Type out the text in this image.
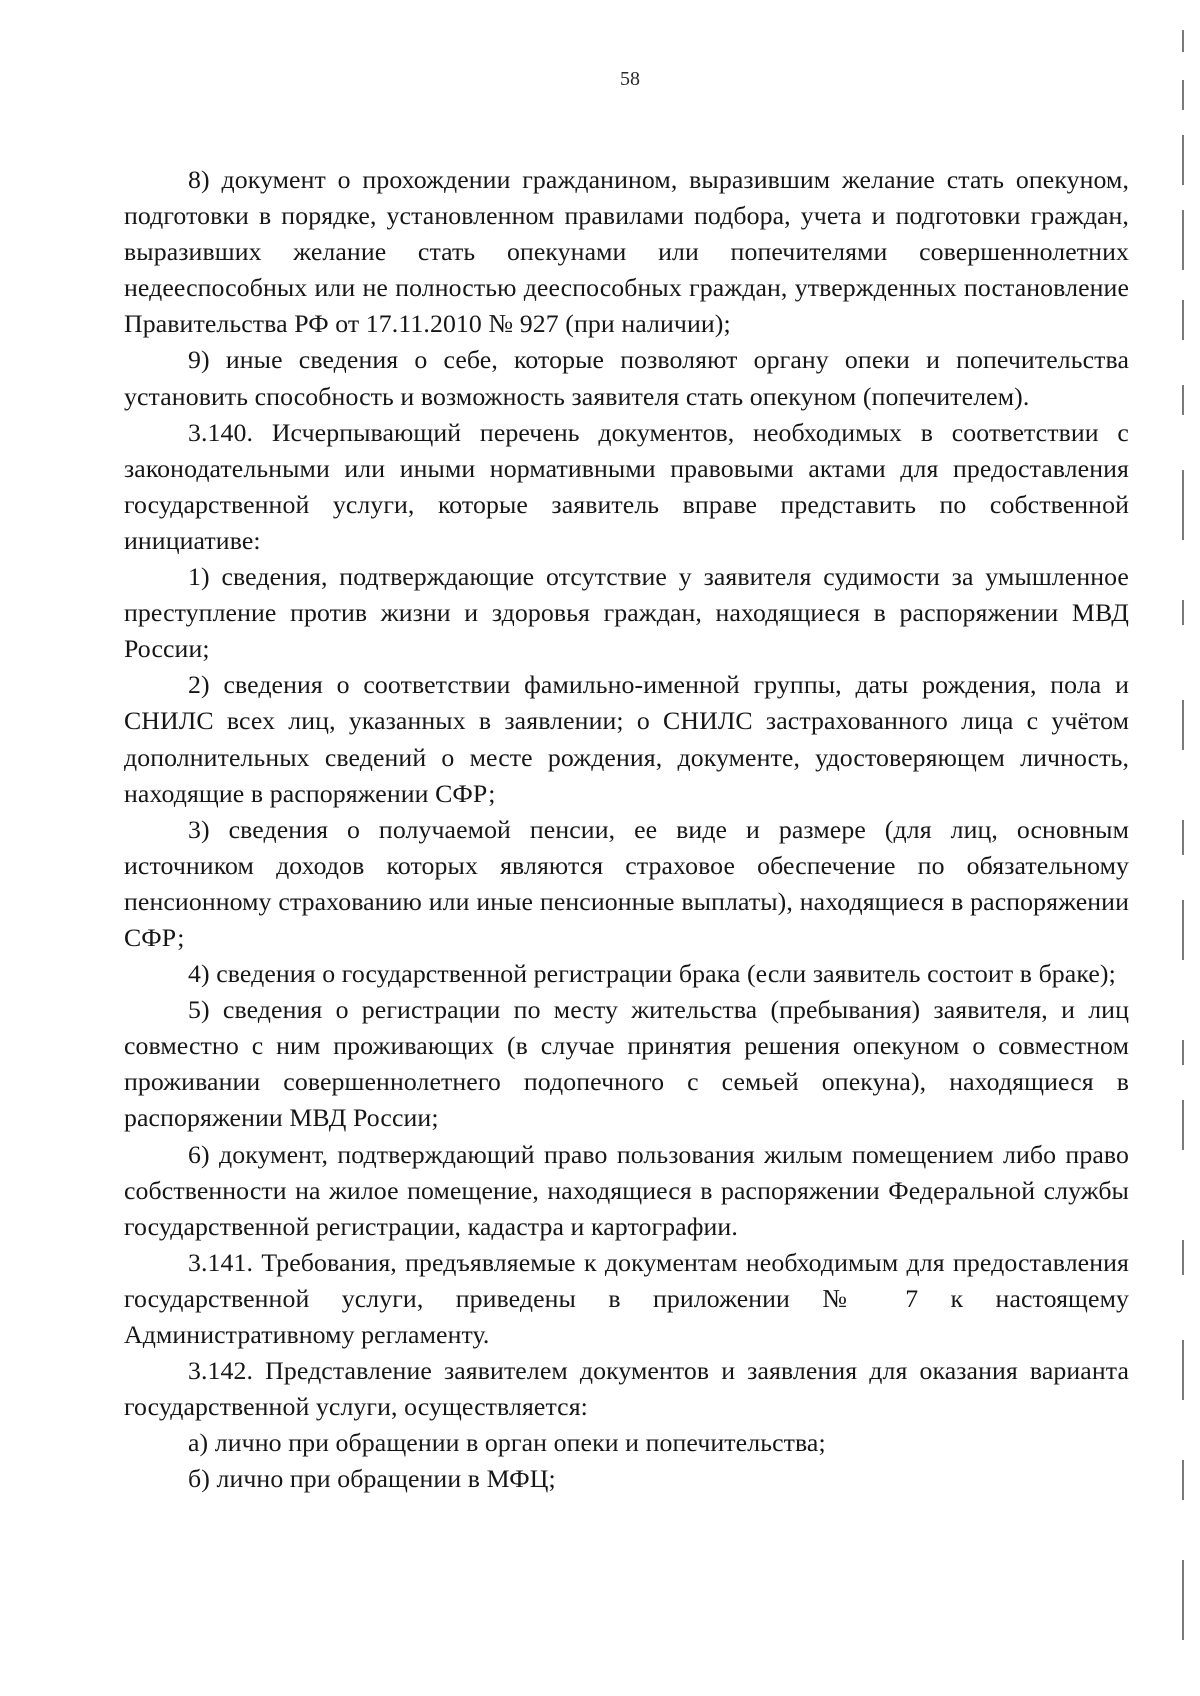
58

8) документ о прохождении гражданином, выразившим желание стать опекуном, подготовки в порядке, установленном правилами подбора, учета и подготовки граждан, выразивших желание стать опекунами или попечителями совершеннолетних недееспособных или не полностью дееспособных граждан, утвержденных постановление Правительства РФ от 17.11.2010 № 927 (при наличии);

9) иные сведения о себе, которые позволяют органу опеки и попечительства установить способность и возможность заявителя стать опекуном (попечителем).

3.140. Исчерпывающий перечень документов, необходимых в соответствии с законодательными или иными нормативными правовыми актами для предоставления государственной услуги, которые заявитель вправе представить по собственной инициативе:

1) сведения, подтверждающие отсутствие у заявителя судимости за умышленное преступление против жизни и здоровья граждан, находящиеся в распоряжении МВД России;

2) сведения о соответствии фамильно-именной группы, даты рождения, пола и СНИЛС всех лиц, указанных в заявлении; о СНИЛС застрахованного лица с учётом дополнительных сведений о месте рождения, документе, удостоверяющем личность, находящие в распоряжении СФР;

3) сведения о получаемой пенсии, ее виде и размере (для лиц, основным источником доходов которых являются страховое обеспечение по обязательному пенсионному страхованию или иные пенсионные выплаты), находящиеся в распоряжении СФР;

4) сведения о государственной регистрации брака (если заявитель состоит в браке);

5) сведения о регистрации по месту жительства (пребывания) заявителя, и лиц совместно с ним проживающих (в случае принятия решения опекуном о совместном проживании совершеннолетнего подопечного с семьей опекуна), находящиеся в распоряжении МВД России;

6) документ, подтверждающий право пользования жилым помещением либо право собственности на жилое помещение, находящиеся в распоряжении Федеральной службы государственной регистрации, кадастра и картографии.

3.141. Требования, предъявляемые к документам необходимым для предоставления государственной услуги, приведены в приложении № 7 к настоящему Административному регламенту.

3.142. Представление заявителем документов и заявления для оказания варианта государственной услуги, осуществляется:

а) лично при обращении в орган опеки и попечительства;

б) лично при обращении в МФЦ;
